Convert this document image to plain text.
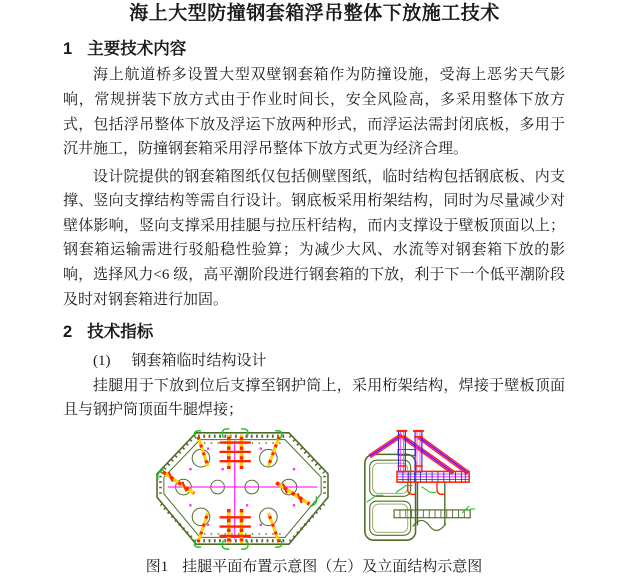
海上大型防撞钢套箱浮吊整体下放施工技术
1 主要技术内容

海上航道桥多设置大型双壁钢套箱作为防撞设施，受海上恶劣天气影响，常规拼装下放方式由于作业时间长，安全风险高，多采用整体下放方式，包括浮吊整体下放及浮运下放两种形式，而浮运法需封闭底板，多用于沉井施工，防撞钢套箱采用浮吊整体下放方式更为经济合理。

设计院提供的钢套箱图纸仅包括侧壁图纸，临时结构包括钢底板、内支撑、竖向支撑结构等需自行设计。钢底板采用桁架结构，同时为尽量减少对壁体影响，竖向支撑采用挂腿与拉压杆结构，而内支撑设于壁板顶面以上；钢套箱运输需进行驳船稳性验算；为减少大风、水流等对钢套箱下放的影响，选择风力<6 级，高平潮阶段进行钢套箱的下放，利于下一个低平潮阶段及时对钢套箱进行加固。

2 技术指标
(1) 钢套箱临时结构设计

挂腿用于下放到位后支撑至钢护筒上，采用桁架结构，焊接于壁板顶面且与钢护筒顶面牛腿焊接；

图1 挂腿平面布置示意图（左）及立面结构示意图
